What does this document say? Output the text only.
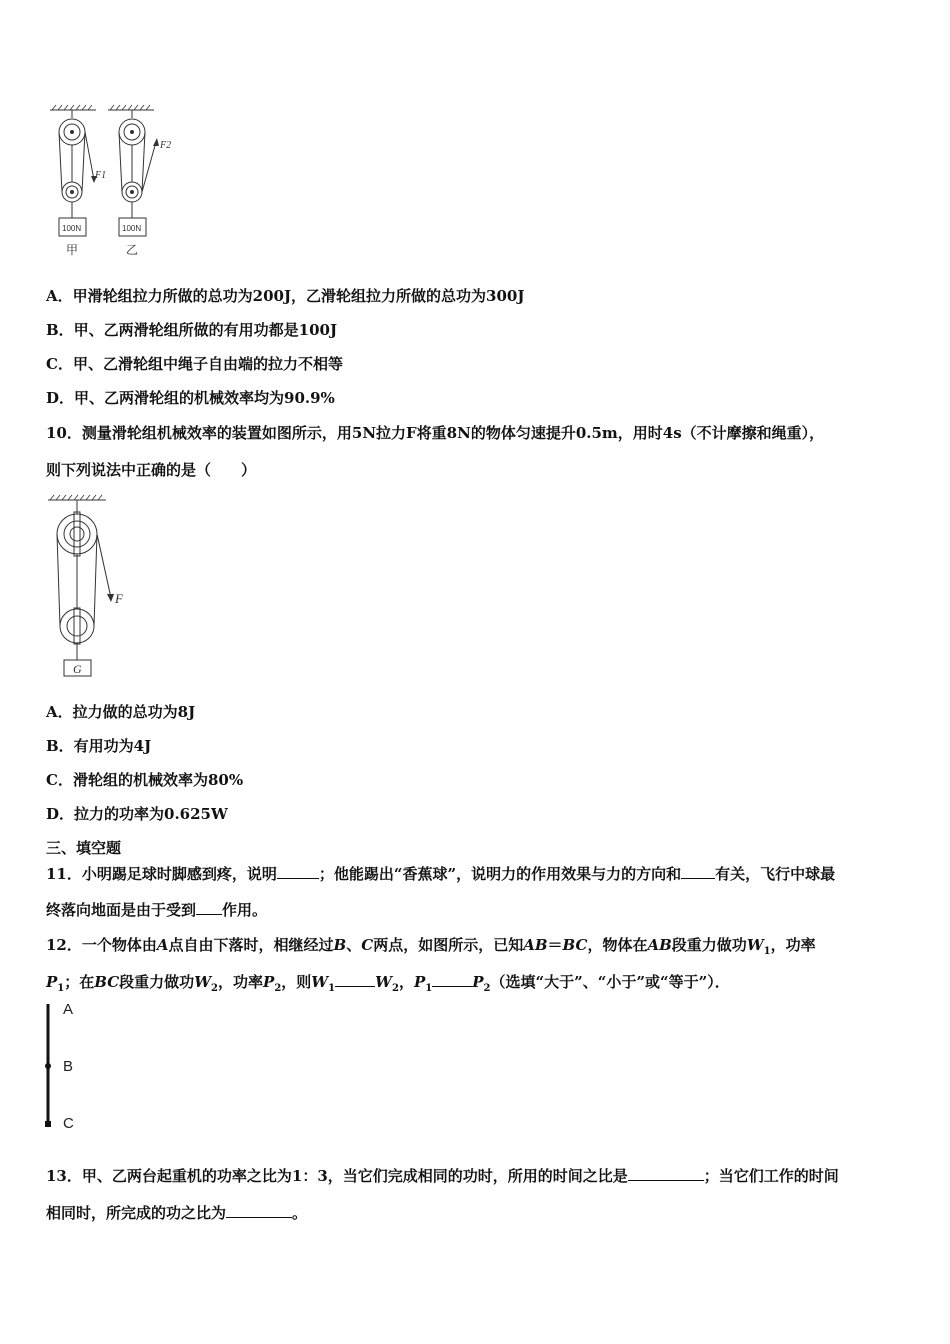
F1
F2
100N	100N
甲	乙
A．甲滑轮组拉力所做的总功为200J，乙滑轮组拉力所做的总功为300J
B．甲、乙两滑轮组所做的有用功都是100J
C．甲、乙滑轮组中绳子自由端的拉力不相等
D．甲、乙两滑轮组的机械效率均为90.9%
10．测量滑轮组机械效率的装置如图所示，用5N拉力F将重8N的物体匀速提升0.5m，用时4s（不计摩擦和绳重），
则下列说法中正确的是（　　）
F
G
A．拉力做的总功为8J
B．有用功为4J
C．滑轮组的机械效率为80%
D．拉力的功率为0.625W
三、填空题
11．小明踢足球时脚感到疼，说明	；他能踢出“香蕉球”，说明力的作用效果与力的方向和 有关，飞行中球最
终落向地面是由于受到 作用。
12．一个物体由A点自由下落时，相继经过B、C两点，如图所示，已知AB＝BC，物体在AB段重力做功$W_1$，功率
$P_1$；在BC段重力做功$W_2$，功率$P_2$，则$W_1$	$W_2$，$P_1$	$P_2$（选填“大于”、“小于”或“等于”）．
A
B
C
13．甲、乙两台起重机的功率之比为1：3，当它们完成相同的功时，所用的时间之比是	；当它们工作的时间
相同时，所完成的功之比为	。
